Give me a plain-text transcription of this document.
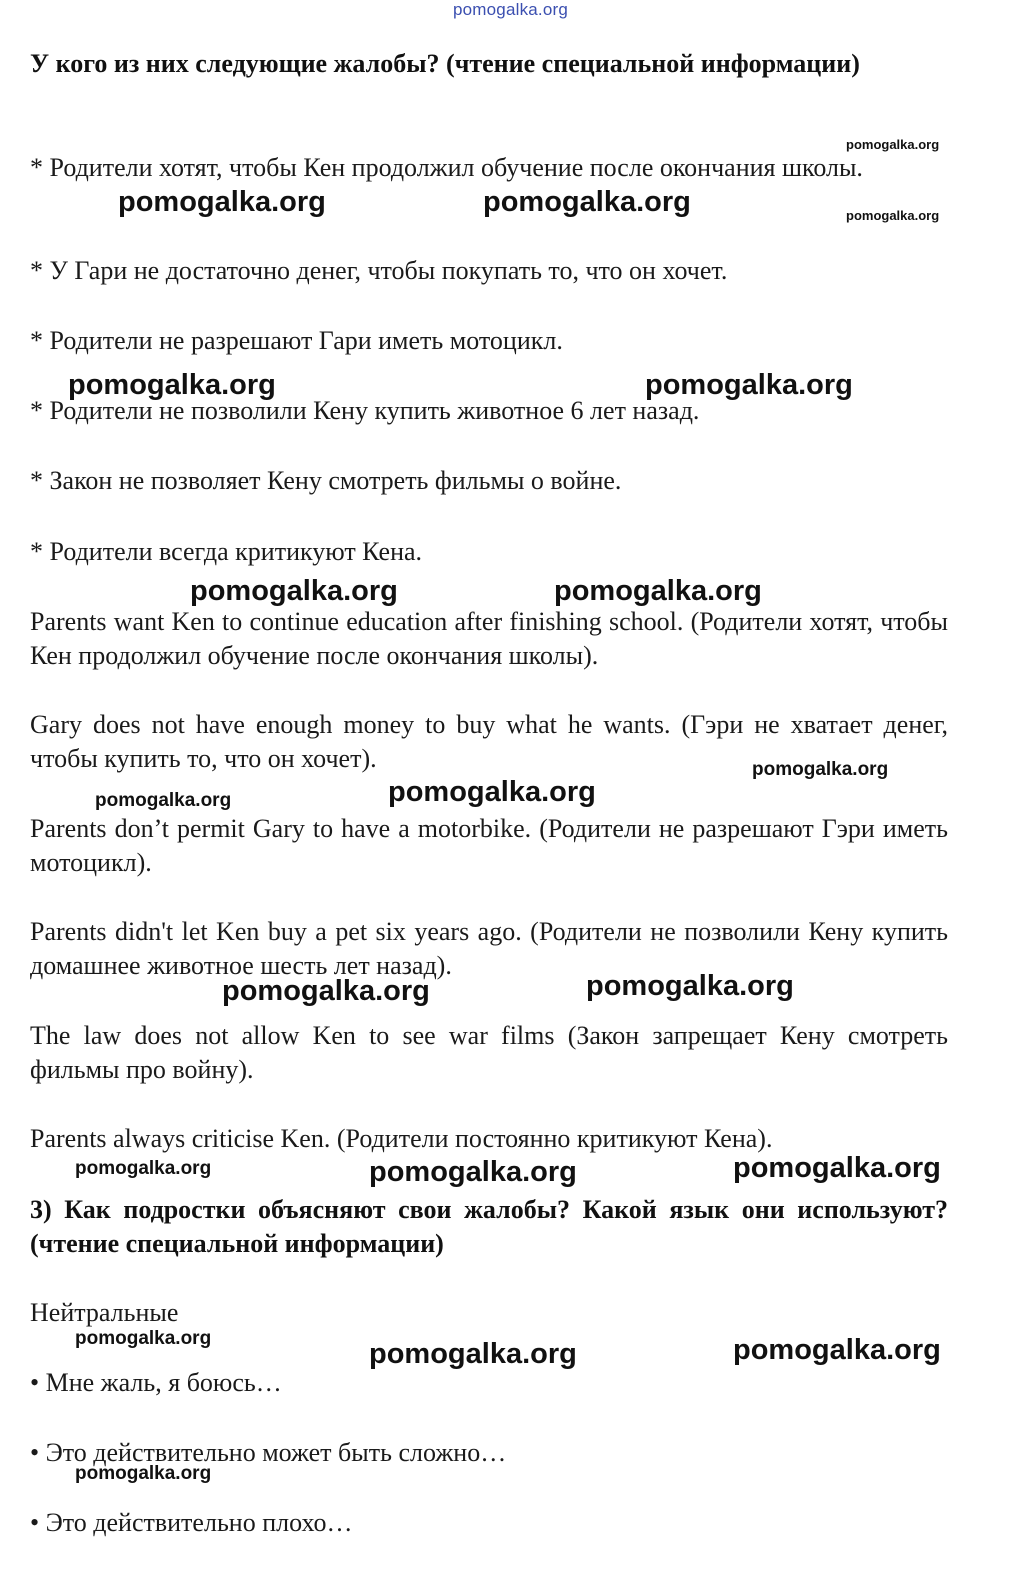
pomogalka.org

У кого из них следующие жалобы? (чтение специальной информации)

* Родители хотят, чтобы Кен продолжил обучение после окончания школы.

* У Гари не достаточно денег, чтобы покупать то, что он хочет.

* Родители не разрешают Гари иметь мотоцикл.

* Родители не позволили Кену купить животное 6 лет назад.

* Закон не позволяет Кену смотреть фильмы о войне.

* Родители всегда критикуют Кена.

Parents want Ken to continue education after finishing school. (Родители хотят, чтобы Кен продолжил обучение после окончания школы).

Gary does not have enough money to buy what he wants. (Гэри не хватает денег, чтобы купить то, что он хочет).

Parents don’t permit Gary to have a motorbike. (Родители не разрешают Гэри иметь мотоцикл).

Parents didn't let Ken buy a pet six years ago. (Родители не позволили Кену купить домашнее животное шесть лет назад).

The law does not allow Ken to see war films (Закон запрещает Кену смотреть фильмы про войну).

Parents always criticise Ken. (Родители постоянно критикуют Кена).

3) Как подростки объясняют свои жалобы? Какой язык они используют? (чтение специальной информации)

Нейтральные

• Мне жаль, я боюсь…

• Это действительно может быть сложно…

• Это действительно плохо…

pomogalka.org
pomogalka.org	pomogalka.org	pomogalka.org
pomogalka.org	pomogalka.org
pomogalka.org	pomogalka.org
pomogalka.org
pomogalka.org
pomogalka.org
pomogalka.org	pomogalka.org
pomogalka.org	pomogalka.org	pomogalka.org
pomogalka.org	pomogalka.org	pomogalka.org
pomogalka.org
